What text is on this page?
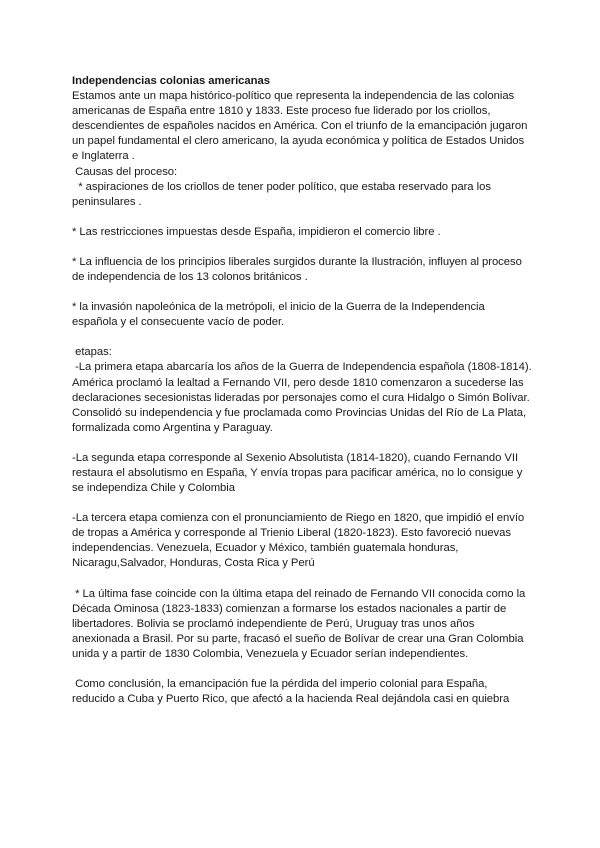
Independencias colonias americanas

Estamos ante un mapa histórico-político que representa la independencia de las colonias americanas de España entre 1810 y 1833. Este proceso fue liderado por los criollos, descendientes de españoles nacidos en América. Con el triunfo de la emancipación jugaron un papel fundamental el clero americano, la ayuda económica y política de Estados Unidos e Inglaterra .

Causas del proceso:

* aspiraciones de los criollos de tener poder político, que estaba reservado para los peninsulares .

* Las restricciones impuestas desde España, impidieron el comercio libre .

* La influencia de los principios liberales surgidos durante la Ilustración, influyen al proceso de independencia de los 13 colonos británicos .

* la invasión napoleónica de la metrópoli, el inicio de la Guerra de la Independencia española y el consecuente vacío de poder.

etapas:

-La primera etapa abarcaría los años de la Guerra de Independencia española (1808-1814). América proclamó la lealtad a Fernando VII, pero desde 1810 comenzaron a sucederse las declaraciones secesionistas lideradas por personajes como el cura Hidalgo o Simón Bolívar. Consolidó su independencia y fue proclamada como Provincias Unidas del Río de La Plata, formalizada como Argentina y Paraguay.

-La segunda etapa corresponde al Sexenio Absolutista (1814-1820), cuando Fernando VII restaura el absolutismo en España, Y envía tropas para pacificar américa, no lo consigue y se independiza Chile y Colombia

-La tercera etapa comienza con el pronunciamiento de Riego en 1820, que impidió el envío de tropas a América y corresponde al Trienio Liberal (1820-1823). Esto favoreció nuevas independencias. Venezuela, Ecuador y México, también guatemala honduras, Nicaragu,Salvador, Honduras, Costa Rica y Perú

* La última fase coincide con la última etapa del reinado de Fernando VII conocida como la Década Ominosa (1823-1833) comienzan a formarse los estados nacionales a partir de libertadores. Bolivia se proclamó independiente de Perú, Uruguay tras unos años anexionada a Brasil. Por su parte, fracasó el sueño de Bolívar de crear una Gran Colombia unida y a partir de 1830 Colombia, Venezuela y Ecuador serían independientes.

Como conclusión, la emancipación fue la pérdida del imperio colonial para España, reducido a Cuba y Puerto Rico, que afectó a la hacienda Real dejándola casi en quiebra
